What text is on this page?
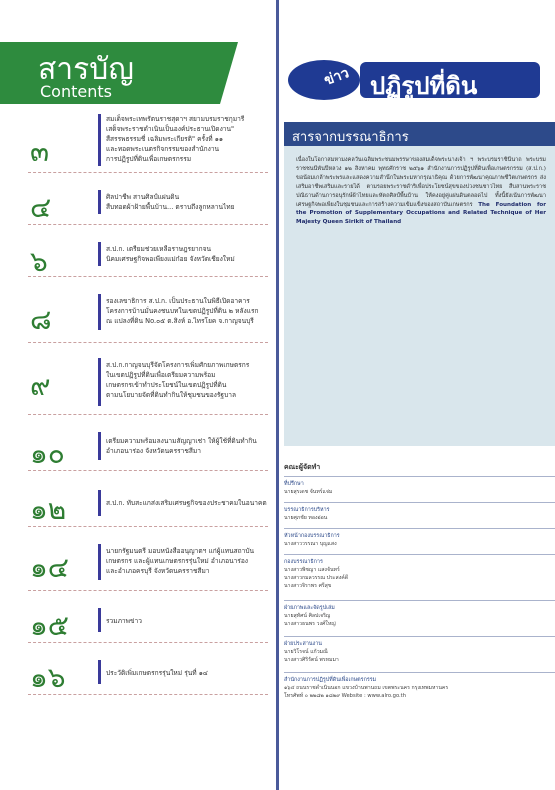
สารบัญ
Contents
๓
สมเด็จพระเทพรัตนราชสุดาฯ สยามบรมราชกุมารี
เสด็จพระราชดำเนินเป็นองค์ประธานเปิดงาน"
สืสรรพธรรมชี่ เฉลิมพระเกียรติ" ครั้งที่ ๑๑
และทอดพระเนตรกิจกรรมของสำนักงาน
การปฏิรูปที่ดินเพื่อเกษตรกรรม
๔	ศิลปาชีพ สานศิลป์แผ่นดิน
สืบทอดผ้าฝ้ายพื้นบ้าน... ตราบถึงลูกหลานไทย
๖	ส.ป.ก. เตรียมช่วยเหลือราษฎรยากจน
นิคมเศรษฐกิจพอเพียงแม่ก๋อย จังหวัดเชียงใหม่
๘
รองเลขาธิการ ส.ป.ก. เป็นประธานในพิธีเปิดอาคาร
โครงการบ้านมั่นคงชนบทในเขตปฏิรูปที่ดิน ๒ หลังแรก
ณ แปลงที่ดิน No.๐๕ ต.สิงห์ อ.ไทรโยค จ.กาญจนบุรี
๙
ส.ป.ก.กาญจนบุรีจัดโครงการเพิ่มศักยภาพเกษตรกร
ในเขตปฏิรูปที่ดินเพื่อเตรียมความพร้อม
เกษตรกรเข้าทำประโยชน์ในเขตปฏิรูปที่ดิน
ตามนโยบายจัดที่ดินทำกินให้ชุมชนของรัฐบาล
๑๐	เตรียมความพร้อมลงนามสัญญาเช่า ให้ผู้ใช้ที่ดินทำกิน
อำเภอนาร่อง จังหวัดนครราชสีมา
๑๒	ส.ป.ก. ทับสะแกส่งเสริมเศรษฐกิจของประชาคมในอนาคต
๑๔	นายกรัฐมนตรี มอบหนังสืออนุญาตฯ แก่ผู้แทนสถาบัน
เกษตรกร และผู้แทนเกษตรกรรุ่นใหม่ อำเภอนาร่อง
และอำเภอครบุรี จังหวัดนครราชสีมา
๑๕	รวมภาพข่าว
๑๖	ประวัติเพิ่มเกษตรกรรุ่นใหม่ รุ่นที่ ๑๔
ข่าว ปฏิรูปที่ดิน
สารจากบรรณาธิการ
เนื่องในโอกาสมหามงคลวันเฉลิมพระชนมพรรษาของสมเด็จพระนางเจ้า ฯ พระบรมราชินีนาถ พระบรมราชชนนีพันปีหลวง ๑๒ สิงหาคม พุทธศักราช ๒๕๖๑ สำนักงานการปฏิรูปที่ดินเพื่อเกษตรกรรม (ส.ป.ก.) ขอน้อมเกล้าพระพรและแสดงความสำนึกในพระมหากรุณาธิคุณ ด้วยการพัฒนาคุณภาพชีวิตเกษตรกร ส่งเสริมอาชีพเสริมและรายได้ ตามรอยพระราชดำริเพื่อประโยชน์สุขของปวงชนชาวไทย สืบสานพระราชปณิธานด้านการอนุรักษ์ผ้าไทยและหัตถศิลป์พื้นบ้าน ให้คงอยู่คู่แผ่นดินตลอดไป ทั้งนี้ยังเน้นการพัฒนาเศรษฐกิจพอเพียงในชุมชนและการสร้างความเข้มแข็งของสถาบันเกษตรกร The Foundation for the Promotion of Supplementary Occupations and Related Technique of Her Majesty Queen Sirikit of Thailand
คณะผู้จัดทำ
ที่ปรึกษา
นายสุรเดช จันทร์แจ่ม
บรรณาธิการบริหาร
นายศุภชัย ทองอ่อน
หัวหน้ากองบรรณาธิการ
นางสาววรรณา บุญแสง
กองบรรณาธิการ
นางสาวพิชญา แสงจันทร์
นางสาวกมลวรรณ ประสงค์ดี
นางสาวจิราพร ศรีสุข
ฝ่ายภาพและจัดรูปเล่ม
นายสุทัศน์ ศิลปเจริญ
นางสาวธนพร วงศ์ใหญ่
ฝ่ายประสานงาน
นายวิโรจน์ แก้วมณี
นางสาวศิริรัตน์ พรหมมา
สำนักงานการปฏิรูปที่ดินเพื่อเกษตรกรรม
๑๖๔ ถนนราชดำเนินนอก แขวงบ้านพานถม เขตพระนคร กรุงเทพมหานคร
โทรศัพท์ ๐ ๒๒๘๒ ๑๘๒๙ Website : www.alro.go.th
